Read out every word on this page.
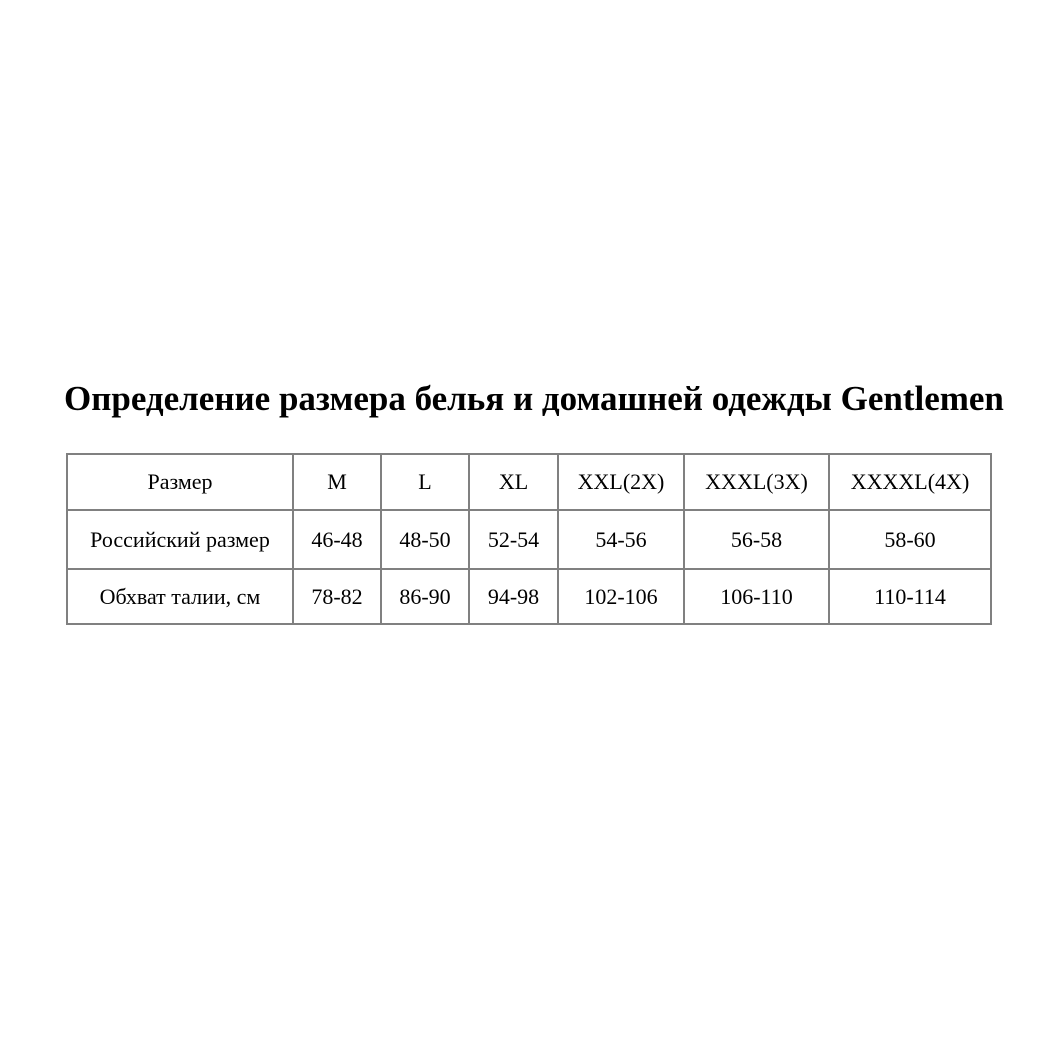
Определение размера белья и домашней одежды Gentlemen
Размер	M	L	XL	XXL(2X)	XXXL(3X)	XXXXL(4X)
Российский размер	46-48	48-50	52-54	54-56	56-58	58-60
Обхват талии, см	78-82	86-90	94-98	102-106	106-110	110-114
